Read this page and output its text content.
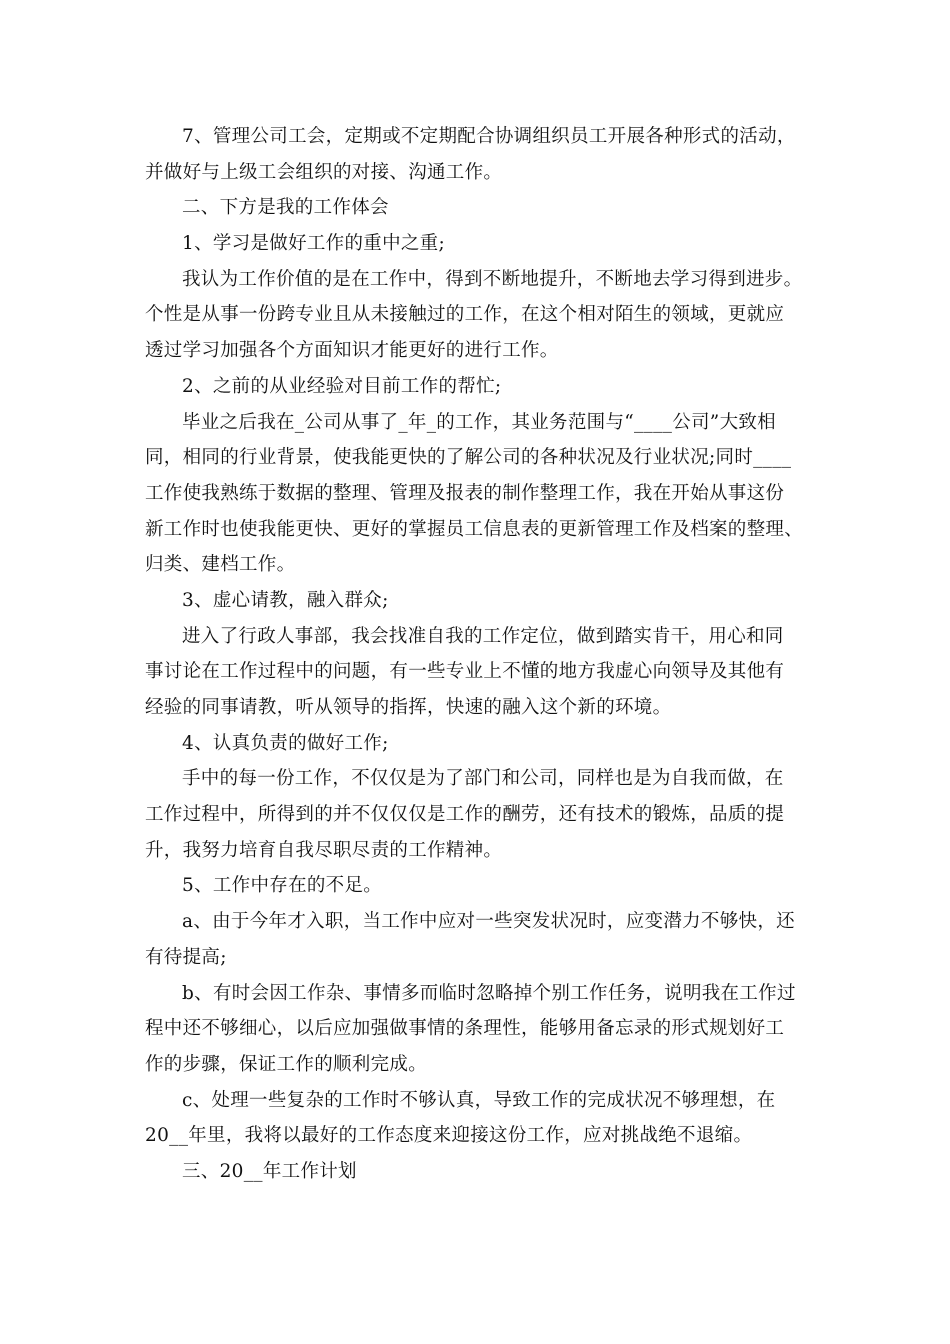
7、管理公司工会，定期或不定期配合协调组织员工开展各种形式的活动，
并做好与上级工会组织的对接、沟通工作。
二、下方是我的工作体会
1、学习是做好工作的重中之重;
我认为工作价值的是在工作中，得到不断地提升，不断地去学习得到进步。
个性是从事一份跨专业且从未接触过的工作，在这个相对陌生的领域，更就应
透过学习加强各个方面知识才能更好的进行工作。
2、之前的从业经验对目前工作的帮忙;
毕业之后我在_公司从事了_年_的工作，其业务范围与“____公司”大致相
同，相同的行业背景，使我能更快的了解公司的各种状况及行业状况;同时____
工作使我熟练于数据的整理、管理及报表的制作整理工作，我在开始从事这份
新工作时也使我能更快、更好的掌握员工信息表的更新管理工作及档案的整理、
归类、建档工作。
3、虚心请教，融入群众;
进入了行政人事部，我会找准自我的工作定位，做到踏实肯干，用心和同
事讨论在工作过程中的问题，有一些专业上不懂的地方我虚心向领导及其他有
经验的同事请教，听从领导的指挥，快速的融入这个新的环境。
4、认真负责的做好工作;
手中的每一份工作，不仅仅是为了部门和公司，同样也是为自我而做，在
工作过程中，所得到的并不仅仅仅是工作的酬劳，还有技术的锻炼，品质的提
升，我努力培育自我尽职尽责的工作精神。
5、工作中存在的不足。
a、由于今年才入职，当工作中应对一些突发状况时，应变潜力不够快，还
有待提高;
b、有时会因工作杂、事情多而临时忽略掉个别工作任务，说明我在工作过
程中还不够细心，以后应加强做事情的条理性，能够用备忘录的形式规划好工
作的步骤，保证工作的顺利完成。
c、处理一些复杂的工作时不够认真，导致工作的完成状况不够理想，在
20__年里，我将以最好的工作态度来迎接这份工作，应对挑战绝不退缩。
三、20__年工作计划
